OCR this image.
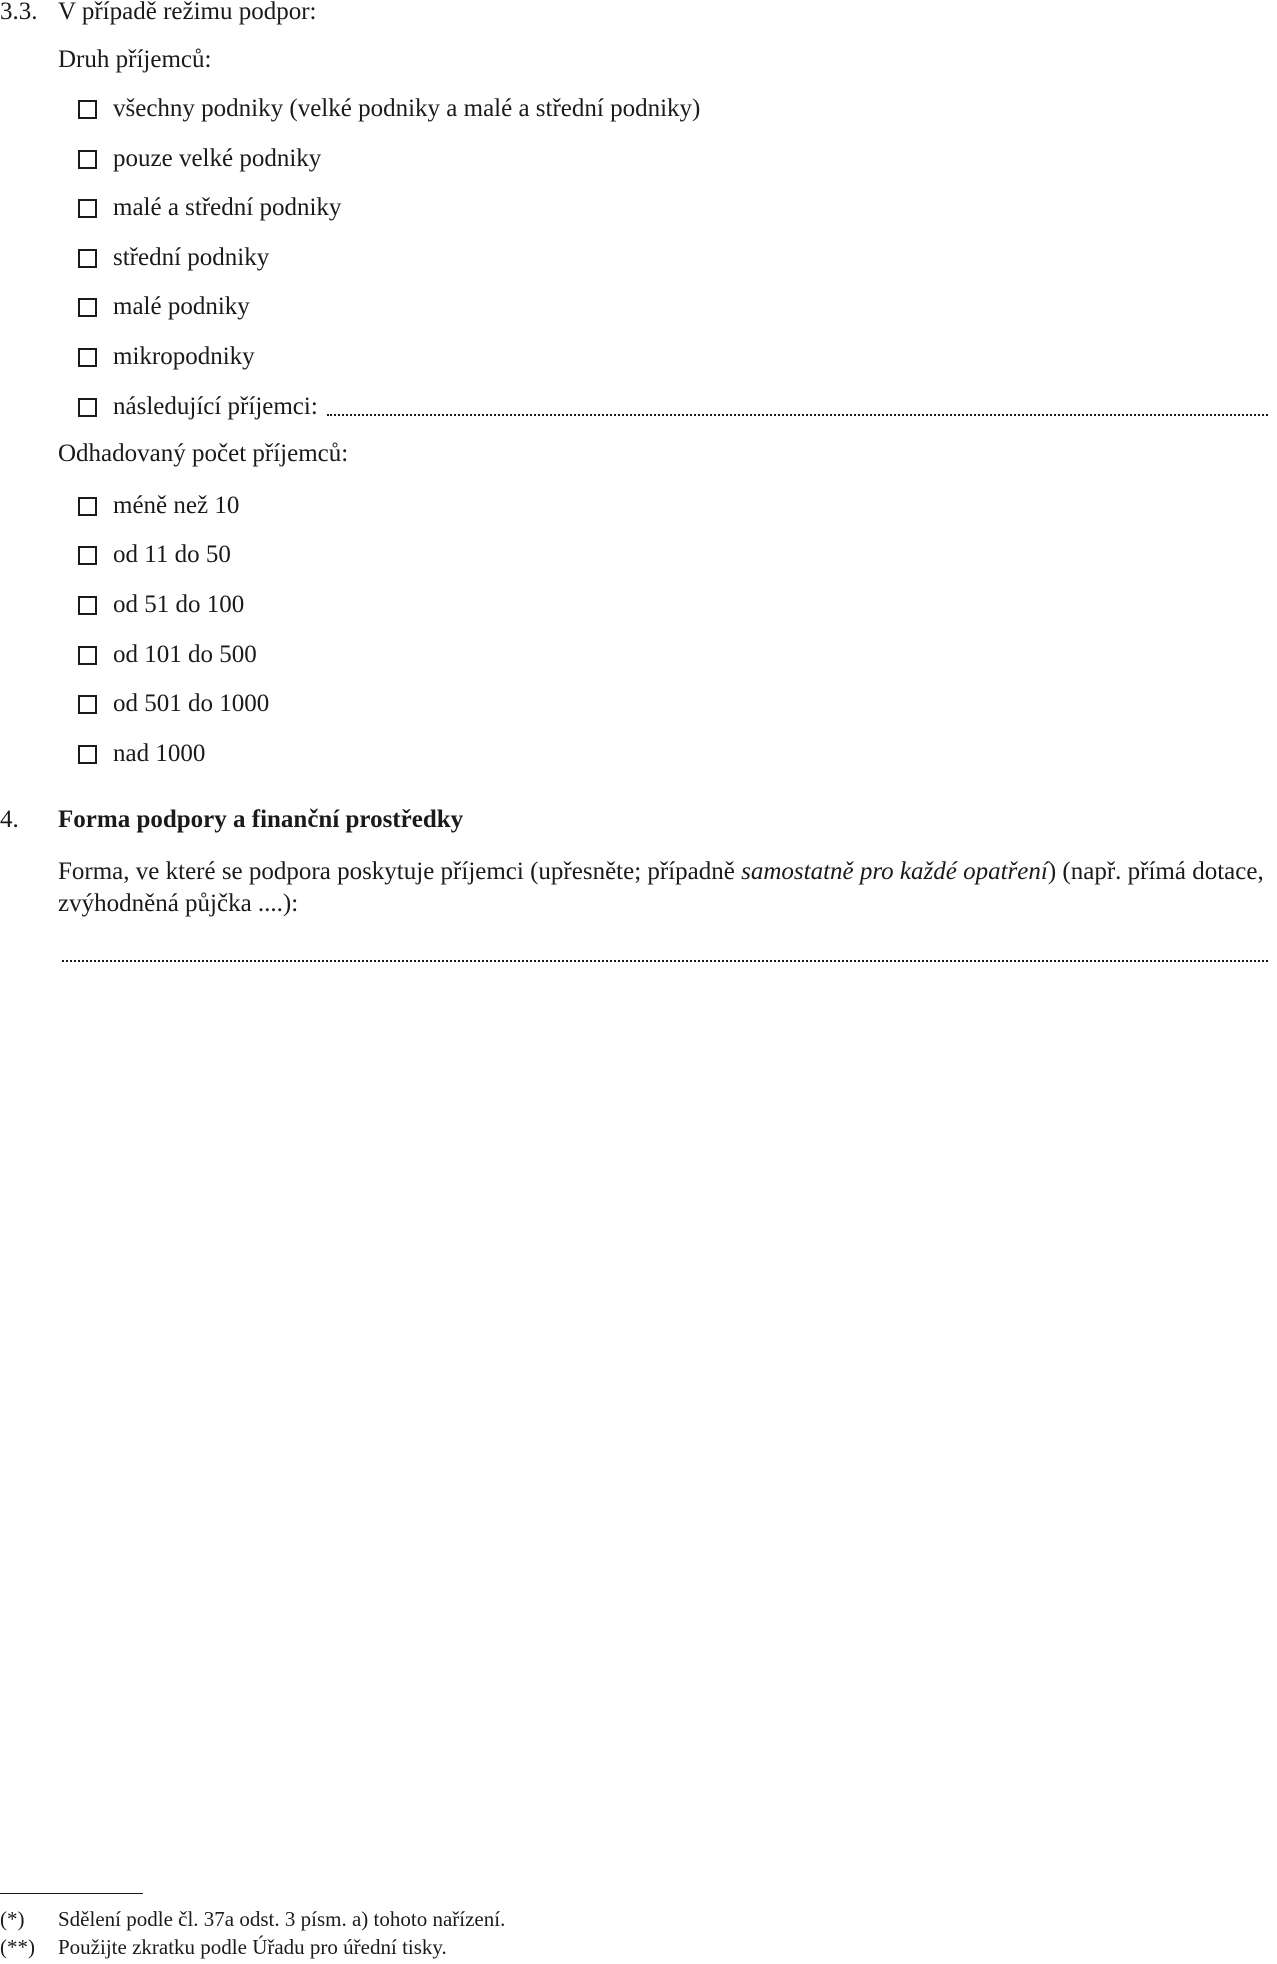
3.3. V případě režimu podpor:
Druh příjemců:
všechny podniky (velké podniky a malé a střední podniky)
pouze velké podniky
malé a střední podniky
střední podniky
malé podniky
mikropodniky
následující příjemci:
Odhadovaný počet příjemců:
méně než 10
od 11 do 50
od 51 do 100
od 101 do 500
od 501 do 1000
nad 1000
4. Forma podpory a finanční prostředky
Forma, ve které se podpora poskytuje příjemci (upřesněte; případně samostatně pro každé opatření) (např. přímá dotace, zvýhodněná půjčka ....):
(*) Sdělení podle čl. 37a odst. 3 písm. a) tohoto nařízení.
(**) Použijte zkratku podle Úřadu pro úřední tisky.
